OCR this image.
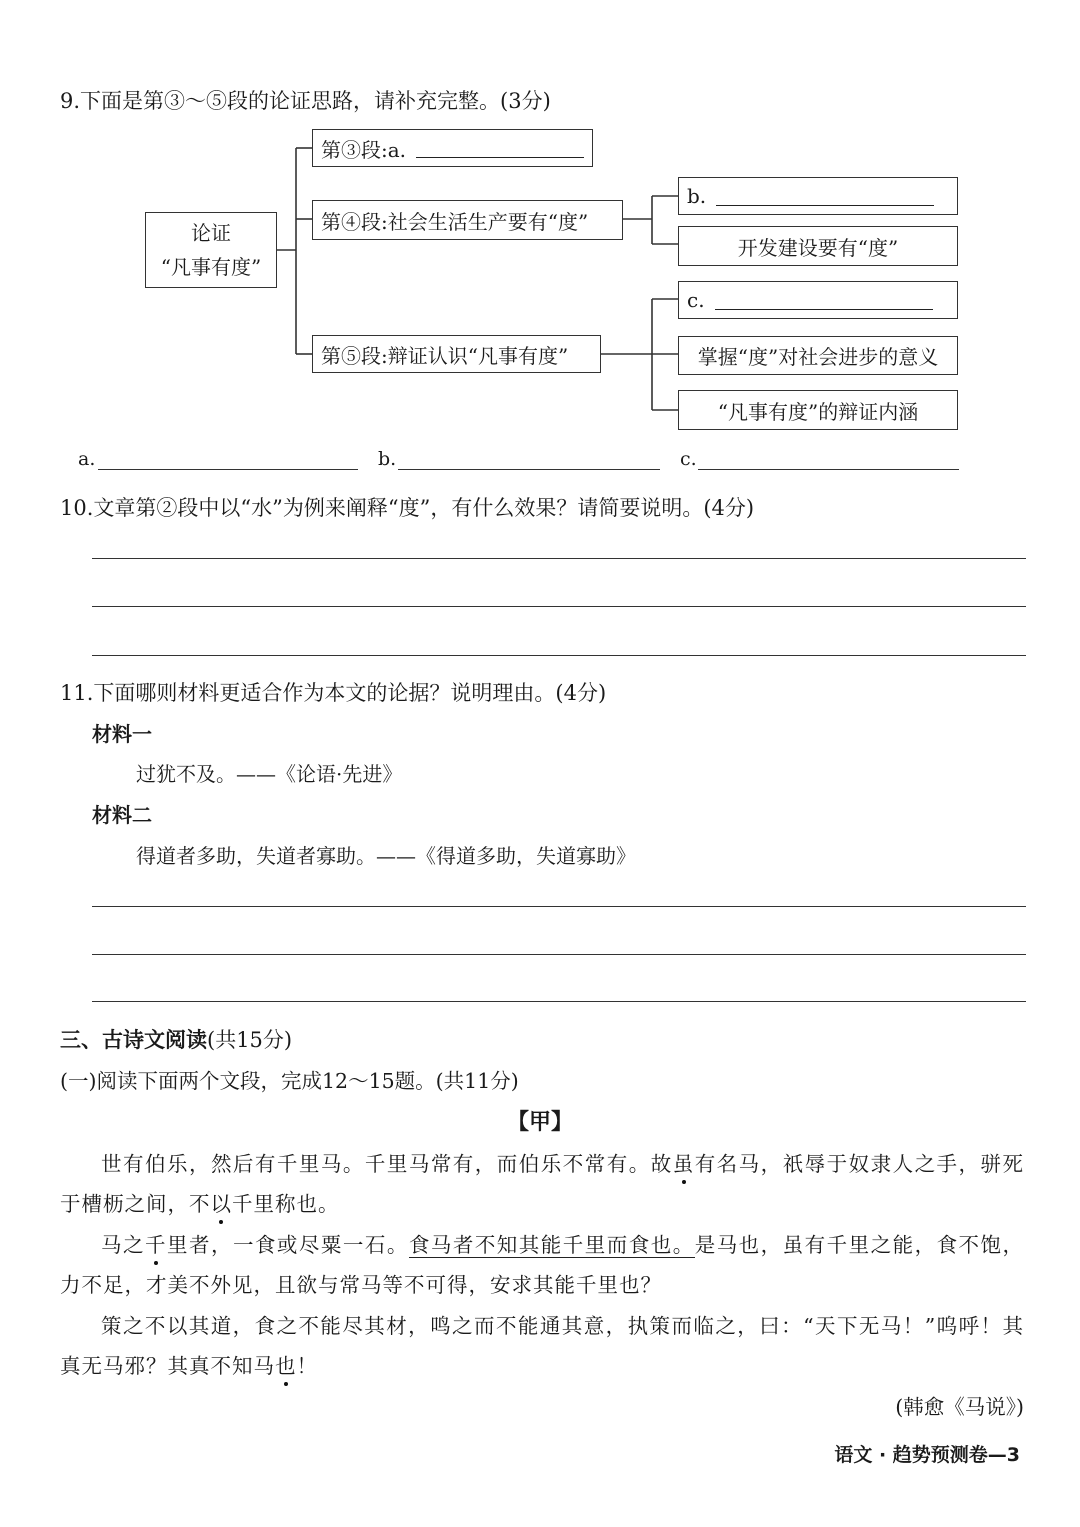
9.下面是第③～⑤段的论证思路，请补充完整。(3分)
论证
“凡事有度”
第③段:a.
第④段:社会生活生产要有“度”
b.
开发建设要有“度”
第⑤段:辩证认识“凡事有度”
c.
掌握“度”对社会进步的意义
“凡事有度”的辩证内涵
a.	b.	c.
10.文章第②段中以“水”为例来阐释“度”，有什么效果？请简要说明。(4分)
11.下面哪则材料更适合作为本文的论据？说明理由。(4分)
材料一
过犹不及。——《论语·先进》
材料二
得道者多助，失道者寡助。——《得道多助，失道寡助》
三、古诗文阅读(共15分)
(一)阅读下面两个文段，完成12～15题。(共11分)
【甲】
世有伯乐，然后有千里马。千里马常有，而伯乐不常有。故虽有名马，祇辱于奴隶人之手，骈死于槽枥之间，不以千里称也。
马之千里者，一食或尽粟一石。食马者不知其能千里而食也。是马也，虽有千里之能，食不饱，力不足，才美不外见，且欲与常马等不可得，安求其能千里也？
策之不以其道，食之不能尽其材，鸣之而不能通其意，执策而临之，曰：“天下无马！”呜呼！其真无马邪？其真不知马也！
(韩愈《马说》)
语文 · 趋势预测卷—3
